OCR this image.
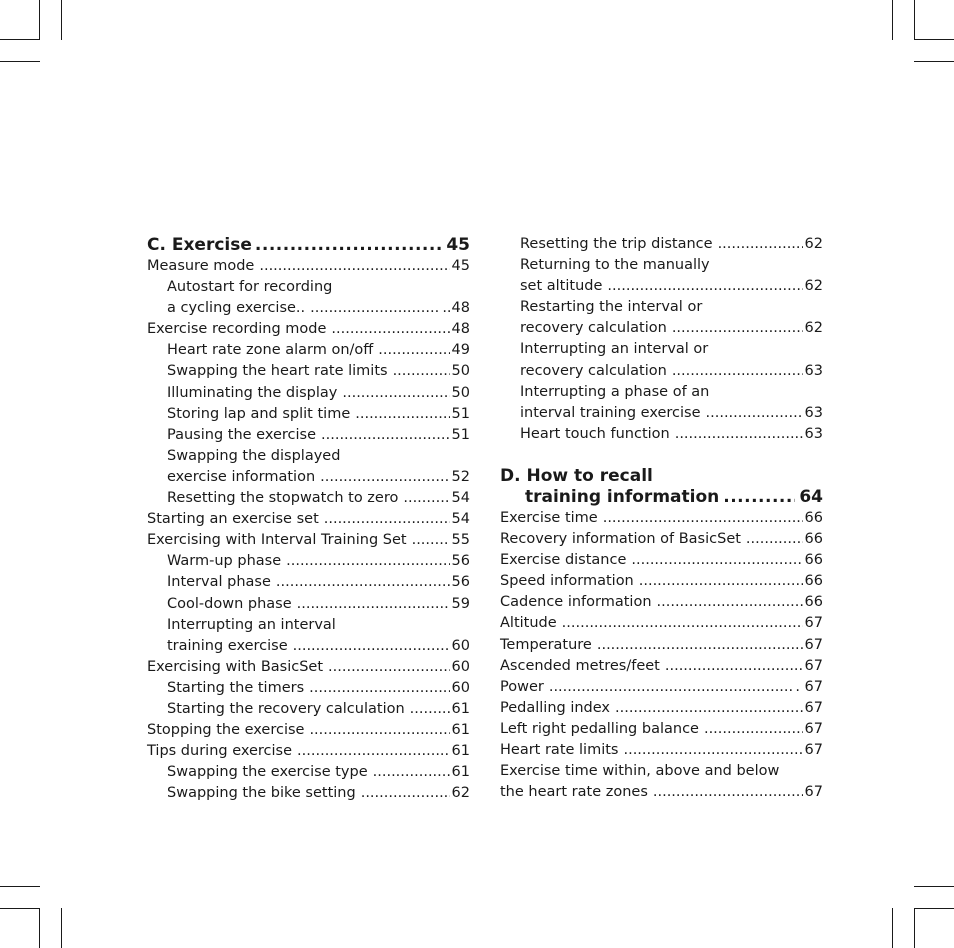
C. Exercise .....	45
Measure mode .....	45
Autostart for recording
a cycling exercise.. .....	..48
Exercise recording mode .....	48
Heart rate zone alarm on/off .....	49
Swapping the heart rate limits .....	50
Illuminating the display .....	50
Storing lap and split time .....	51
Pausing the exercise .....	51
Swapping the displayed
exercise information .....	52
Resetting the stopwatch to zero .....	54
Starting an exercise set .....	54
Exercising with Interval Training Set .....	55
Warm-up phase .....	56
Interval phase .....	56
Cool-down phase .....	59
Interrupting an interval
training exercise .....	60
Exercising with BasicSet .....	60
Starting the timers .....	60
Starting the recovery calculation .....	61
Stopping the exercise .....	61
Tips during exercise .....	61
Swapping the exercise type .....	61
Swapping the bike setting .....	62
Resetting the trip distance .....	62
Returning to the manually
set altitude .....	62
Restarting the interval or
recovery calculation .....	62
Interrupting an interval or
recovery calculation .....	63
Interrupting a phase of an
interval training exercise .....	63
Heart touch function .....	63
D. How to recall
training information .....	64
Exercise time .....	66
Recovery information of BasicSet .....	66
Exercise distance .....	66
Speed information .....	66
Cadence information .....	66
Altitude .....	67
Temperature .....	67
Ascended metres/feet .....	67
Power .....	. 67
Pedalling index .....	67
Left right pedalling balance .....	67
Heart rate limits .....	67
Exercise time within, above and below
the heart rate zones .....	67
